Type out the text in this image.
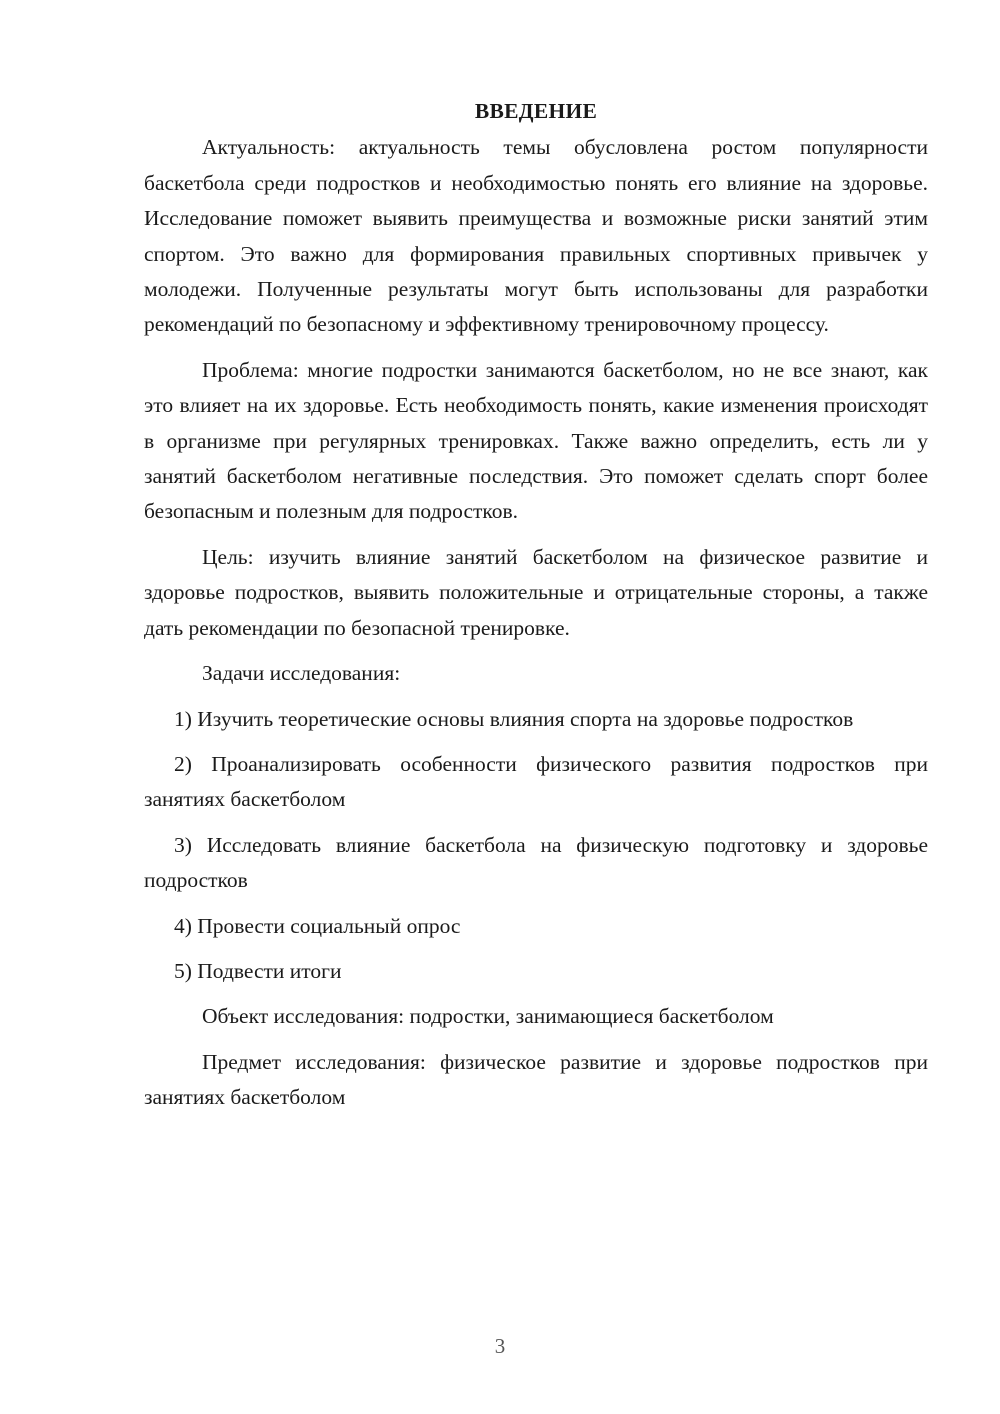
ВВЕДЕНИЕ

Актуальность: актуальность темы обусловлена ростом популярности баскетбола среди подростков и необходимостью понять его влияние на здоровье. Исследование поможет выявить преимущества и возможные риски занятий этим спортом. Это важно для формирования правильных спортивных привычек у молодежи. Полученные результаты могут быть использованы для разработки рекомендаций по безопасному и эффективному тренировочному процессу.

Проблема: многие подростки занимаются баскетболом, но не все знают, как это влияет на их здоровье. Есть необходимость понять, какие изменения происходят в организме при регулярных тренировках. Также важно определить, есть ли у занятий баскетболом негативные последствия. Это поможет сделать спорт более безопасным и полезным для подростков.

Цель: изучить влияние занятий баскетболом на физическое развитие и здоровье подростков, выявить положительные и отрицательные стороны, а также дать рекомендации по безопасной тренировке.

Задачи исследования:

1) Изучить теоретические основы влияния спорта на здоровье подростков

2) Проанализировать особенности физического развития подростков при занятиях баскетболом

3) Исследовать влияние баскетбола на физическую подготовку и здоровье подростков

4) Провести социальный опрос

5) Подвести итоги

Объект исследования: подростки, занимающиеся баскетболом

Предмет исследования: физическое развитие и здоровье подростков при занятиях баскетболом

3
